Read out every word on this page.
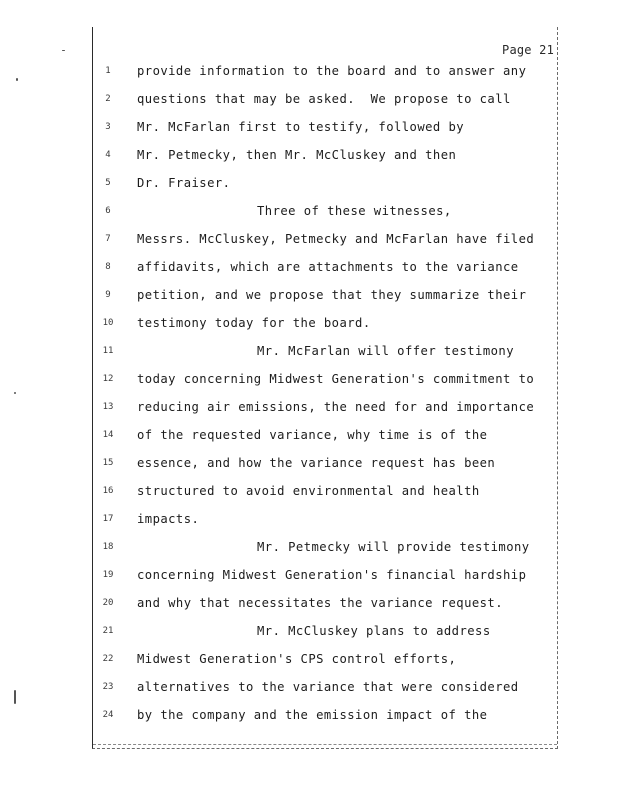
Page 21
1	provide information to the board and to answer any
2	questions that may be asked.  We propose to call
3	Mr. McFarlan first to testify, followed by
4	Mr. Petmecky, then Mr. McCluskey and then
5	Dr. Fraiser.
6	Three of these witnesses,
7	Messrs. McCluskey, Petmecky and McFarlan have filed
8	affidavits, which are attachments to the variance
9	petition, and we propose that they summarize their
10	testimony today for the board.
11	Mr. McFarlan will offer testimony
12	today concerning Midwest Generation's commitment to
13	reducing air emissions, the need for and importance
14	of the requested variance, why time is of the
15	essence, and how the variance request has been
16	structured to avoid environmental and health
17	impacts.
18	Mr. Petmecky will provide testimony
19	concerning Midwest Generation's financial hardship
20	and why that necessitates the variance request.
21	Mr. McCluskey plans to address
22	Midwest Generation's CPS control efforts,
23	alternatives to the variance that were considered
24	by the company and the emission impact of the
